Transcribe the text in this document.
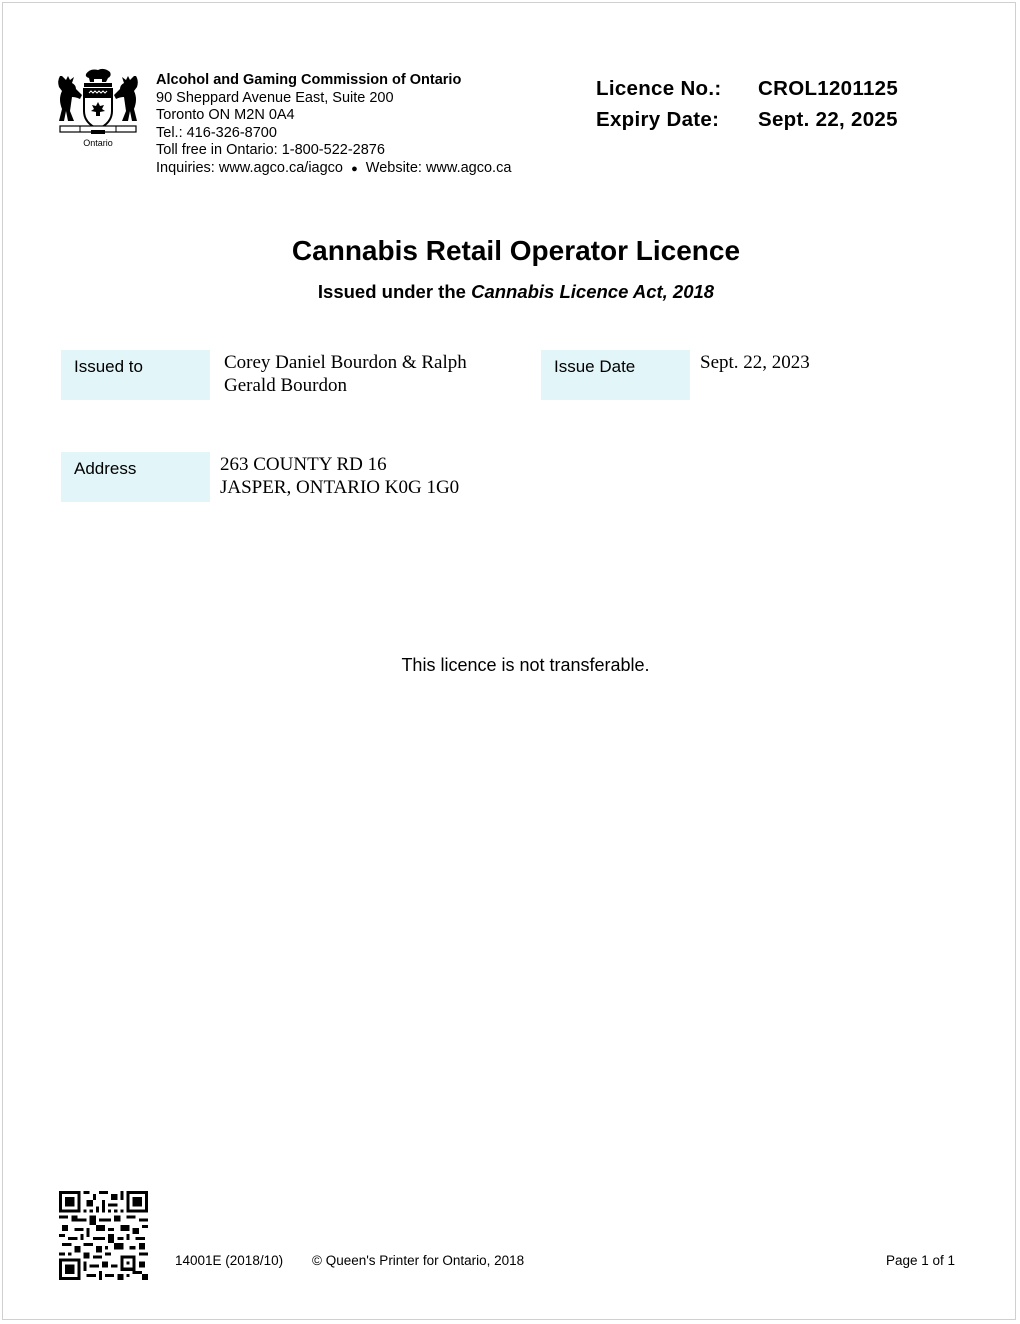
Ontario
Alcohol and Gaming Commission of Ontario
90 Sheppard Avenue East, Suite 200
Toronto ON M2N 0A4
Tel.: 416-326-8700
Toll free in Ontario: 1-800-522-2876
Inquiries: www.agco.ca/iagco ● Website: www.agco.ca
Licence No.:	CROL1201125
Expiry Date:	Sept. 22, 2025
Cannabis Retail Operator Licence
Issued under the Cannabis Licence Act, 2018
Issued to	Corey Daniel Bourdon & Ralph
Gerald Bourdon
Issue Date	Sept. 22, 2023
Address	263 COUNTY RD 16
JASPER, ONTARIO K0G 1G0
This licence is not transferable.
14001E (2018/10) © Queen's Printer for Ontario, 2018	Page 1 of 1
